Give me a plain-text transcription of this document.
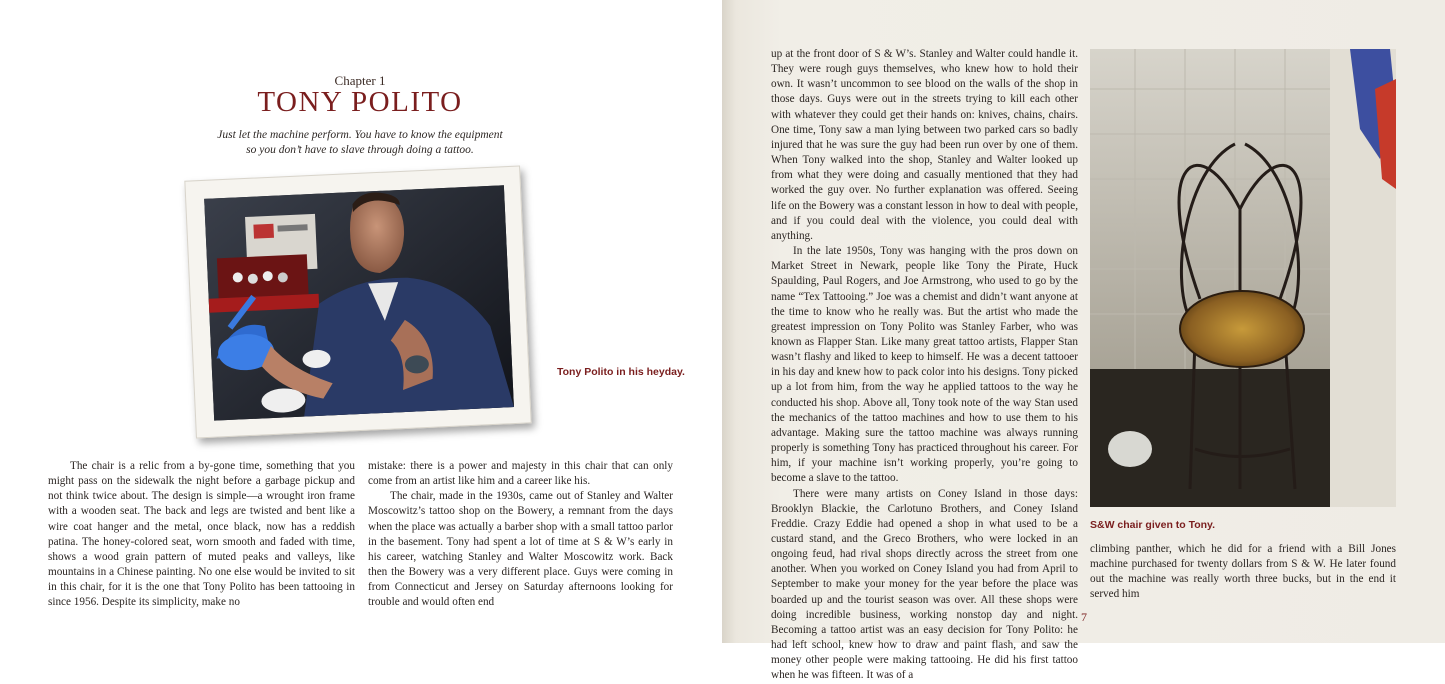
Chapter 1
TONY POLITO
Just let the machine perform. You have to know the equipment
so you don’t have to slave through doing a tattoo.
Tony Polito in his heyday.

The chair is a relic from a by-gone time, something that you might pass on the sidewalk the night before a garbage pickup and not think twice about. The design is simple—a wrought iron frame with a wooden seat. The back and legs are twisted and bent like a wire coat hanger and the metal, once black, now has a reddish patina. The honey-colored seat, worn smooth and faded with time, shows a wood grain pattern of muted peaks and valleys, like mountains in a Chinese painting. No one else would be invited to sit in this chair, for it is the one that Tony Polito has been tattooing in since 1956. Despite its simplicity, make no

mistake: there is a power and majesty in this chair that can only come from an artist like him and a career like his.

The chair, made in the 1930s, came out of Stanley and Walter Moscowitz’s tattoo shop on the Bowery, a remnant from the days when the place was actually a barber shop with a small tattoo parlor in the basement. Tony had spent a lot of time at S & W’s early in his career, watching Stanley and Walter Moscowitz work. Back then the Bowery was a very different place. Guys were coming in from Connecticut and Jersey on Saturday afternoons looking for trouble and would often end

up at the front door of S & W’s. Stanley and Walter could handle it. They were rough guys themselves, who knew how to hold their own. It wasn’t uncommon to see blood on the walls of the shop in those days. Guys were out in the streets trying to kill each other with whatever they could get their hands on: knives, chains, chairs. One time, Tony saw a man lying between two parked cars so badly injured that he was sure the guy had been run over by one of them. When Tony walked into the shop, Stanley and Walter looked up from what they were doing and casually mentioned that they had worked the guy over. No further explanation was offered. Seeing life on the Bowery was a constant lesson in how to deal with people, and if you could deal with the violence, you could deal with anything.

In the late 1950s, Tony was hanging with the pros down on Market Street in Newark, people like Tony the Pirate, Huck Spaulding, Paul Rogers, and Joe Armstrong, who used to go by the name “Tex Tattooing.” Joe was a chemist and didn’t want anyone at the time to know who he really was. But the artist who made the greatest impression on Tony Polito was Stanley Farber, who was known as Flapper Stan. Like many great tattoo artists, Flapper Stan wasn’t flashy and liked to keep to himself. He was a decent tattooer in his day and knew how to pack color into his designs. Tony picked up a lot from him, from the way he applied tattoos to the way he conducted his shop. Above all, Tony took note of the way Stan used the mechanics of the tattoo machines and how to use them to his advantage. Making sure the tattoo machine was always running properly is something Tony has practiced throughout his career. For him, if your machine isn’t working properly, you’re going to become a slave to the tattoo.

There were many artists on Coney Island in those days: Brooklyn Blackie, the Carlotuno Brothers, and Coney Island Freddie. Crazy Eddie had opened a shop in what used to be a custard stand, and the Greco Brothers, who were locked in an ongoing feud, had rival shops directly across the street from one another. When you worked on Coney Island you had from April to September to make your money for the year before the place was boarded up and the tourist season was over. All these shops were doing incredible business, working nonstop day and night. Becoming a tattoo artist was an easy decision for Tony Polito: he had left school, knew how to draw and paint flash, and saw the money other people were making tattooing. He did his first tattoo when he was fifteen. It was of a

S&W chair given to Tony.

climbing panther, which he did for a friend with a Bill Jones machine purchased for twenty dollars from S & W. He later found out the machine was really worth three bucks, but in the end it served him

7
